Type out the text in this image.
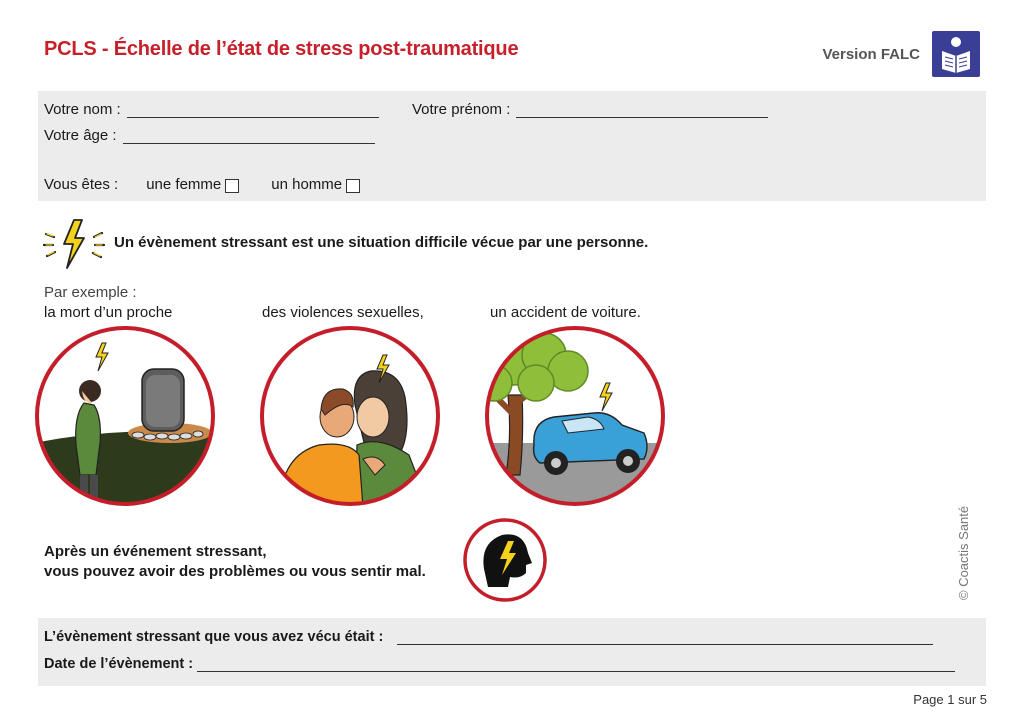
PCLS - Échelle de l’état de stress post-traumatique	Version FALC
Votre nom :	Votre prénom :
Votre âge :
Vous êtes : une femme	un homme
Un évènement stressant est une situation difficile vécue par une personne.
Par exemple :
la mort d’un proche	des violences sexuelles,	un accident de voiture.
Après un événement stressant,
vous pouvez avoir des problèmes ou vous sentir mal.	© Coactis Santé
L’évènement stressant que vous avez vécu était :
Date de l’évènement :
Page 1 sur 5
